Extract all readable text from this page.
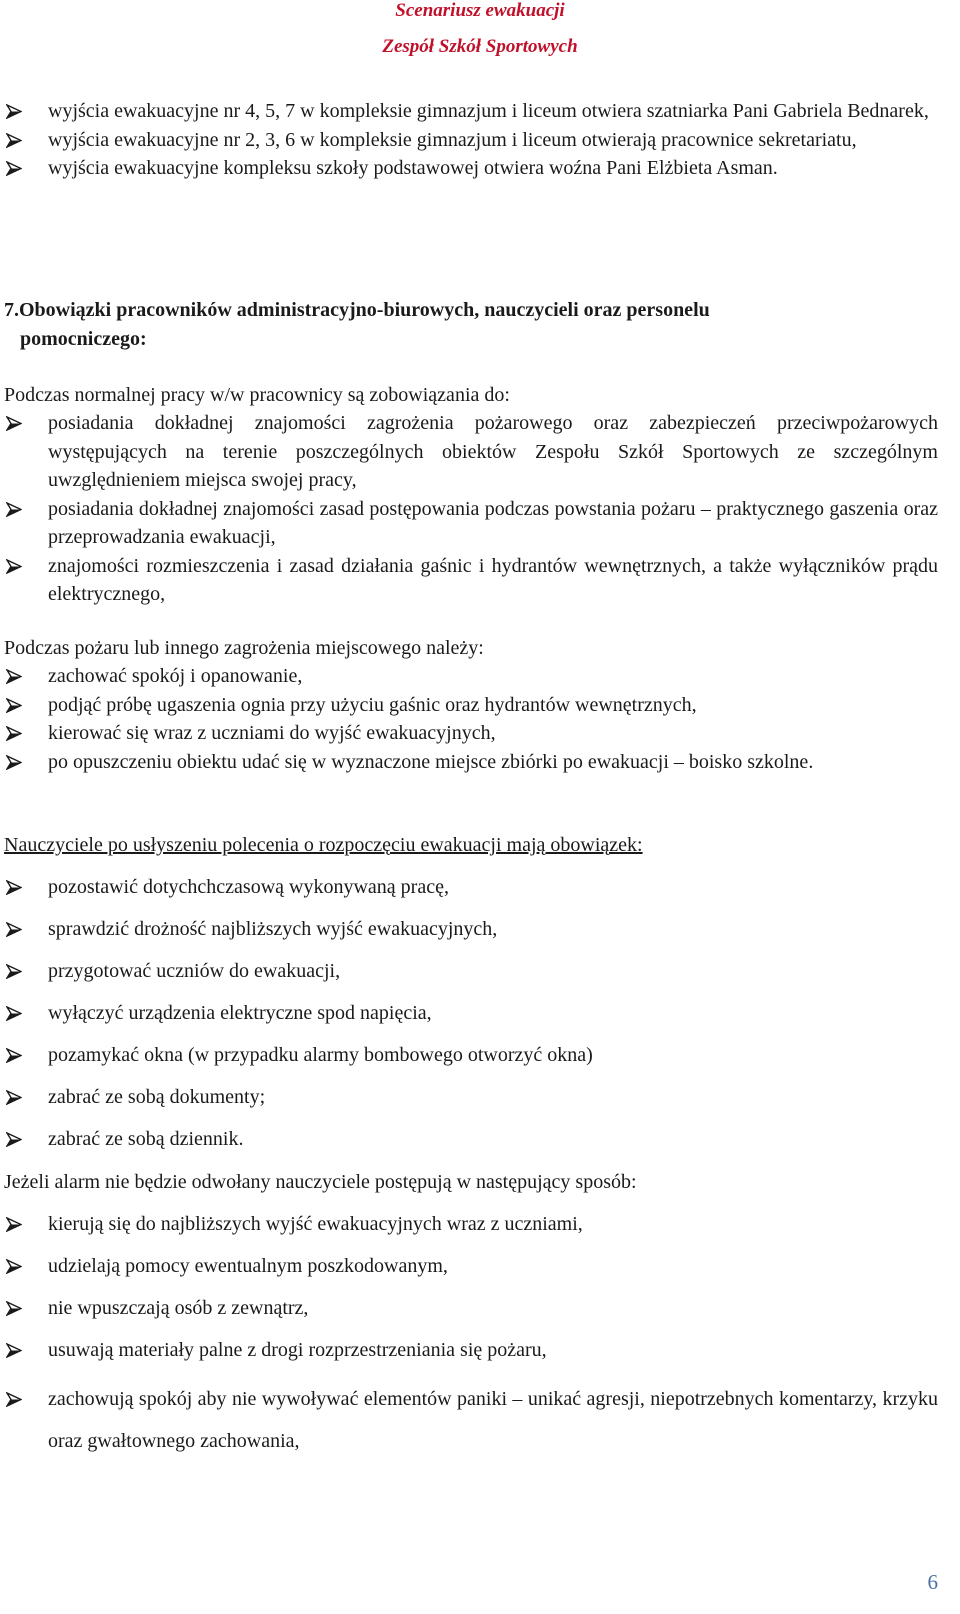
Scenariusz ewakuacji
Zespół Szkół Sportowych
wyjścia ewakuacyjne nr 4, 5, 7 w kompleksie gimnazjum i liceum otwiera szatniarka Pani Gabriela Bednarek,
wyjścia ewakuacyjne nr 2, 3, 6 w kompleksie gimnazjum i liceum otwierają pracownice sekretariatu,
wyjścia ewakuacyjne kompleksu szkoły podstawowej otwiera woźna Pani Elżbieta Asman.
7.Obowiązki pracowników administracyjno-biurowych, nauczycieli oraz personelu
pomocniczego:
Podczas normalnej pracy w/w pracownicy są zobowiązania do:
posiadania dokładnej znajomości zagrożenia pożarowego oraz zabezpieczeń przeciwpożarowych występujących na terenie poszczególnych obiektów Zespołu Szkół Sportowych ze szczególnym uwzględnieniem miejsca swojej pracy,
posiadania dokładnej znajomości zasad postępowania podczas powstania pożaru – praktycznego gaszenia oraz przeprowadzania ewakuacji,
znajomości rozmieszczenia i zasad działania gaśnic i hydrantów wewnętrznych, a także wyłączników prądu elektrycznego,
Podczas pożaru lub innego zagrożenia miejscowego należy:
zachować spokój i opanowanie,
podjąć próbę ugaszenia ognia przy użyciu gaśnic oraz hydrantów wewnętrznych,
kierować się wraz z uczniami do wyjść ewakuacyjnych,
po opuszczeniu obiektu udać się w wyznaczone miejsce zbiórki po ewakuacji – boisko szkolne.
Nauczyciele po usłyszeniu polecenia o rozpoczęciu ewakuacji mają obowiązek:
pozostawić dotychchczasową wykonywaną pracę,
sprawdzić drożność najbliższych wyjść ewakuacyjnych,
przygotować uczniów do ewakuacji,
wyłączyć urządzenia elektryczne spod napięcia,
pozamykać okna (w przypadku alarmy bombowego otworzyć okna)
zabrać ze sobą dokumenty;
zabrać ze sobą dziennik.
Jeżeli alarm nie będzie odwołany nauczyciele postępują w następujący sposób:
kierują się do najbliższych wyjść ewakuacyjnych wraz z uczniami,
udzielają pomocy ewentualnym poszkodowanym,
nie wpuszczają osób z zewnątrz,
usuwają materiały palne z drogi rozprzestrzeniania się pożaru,
zachowują spokój aby nie wywoływać elementów paniki – unikać agresji, niepotrzebnych komentarzy, krzyku oraz gwałtownego zachowania,
6
